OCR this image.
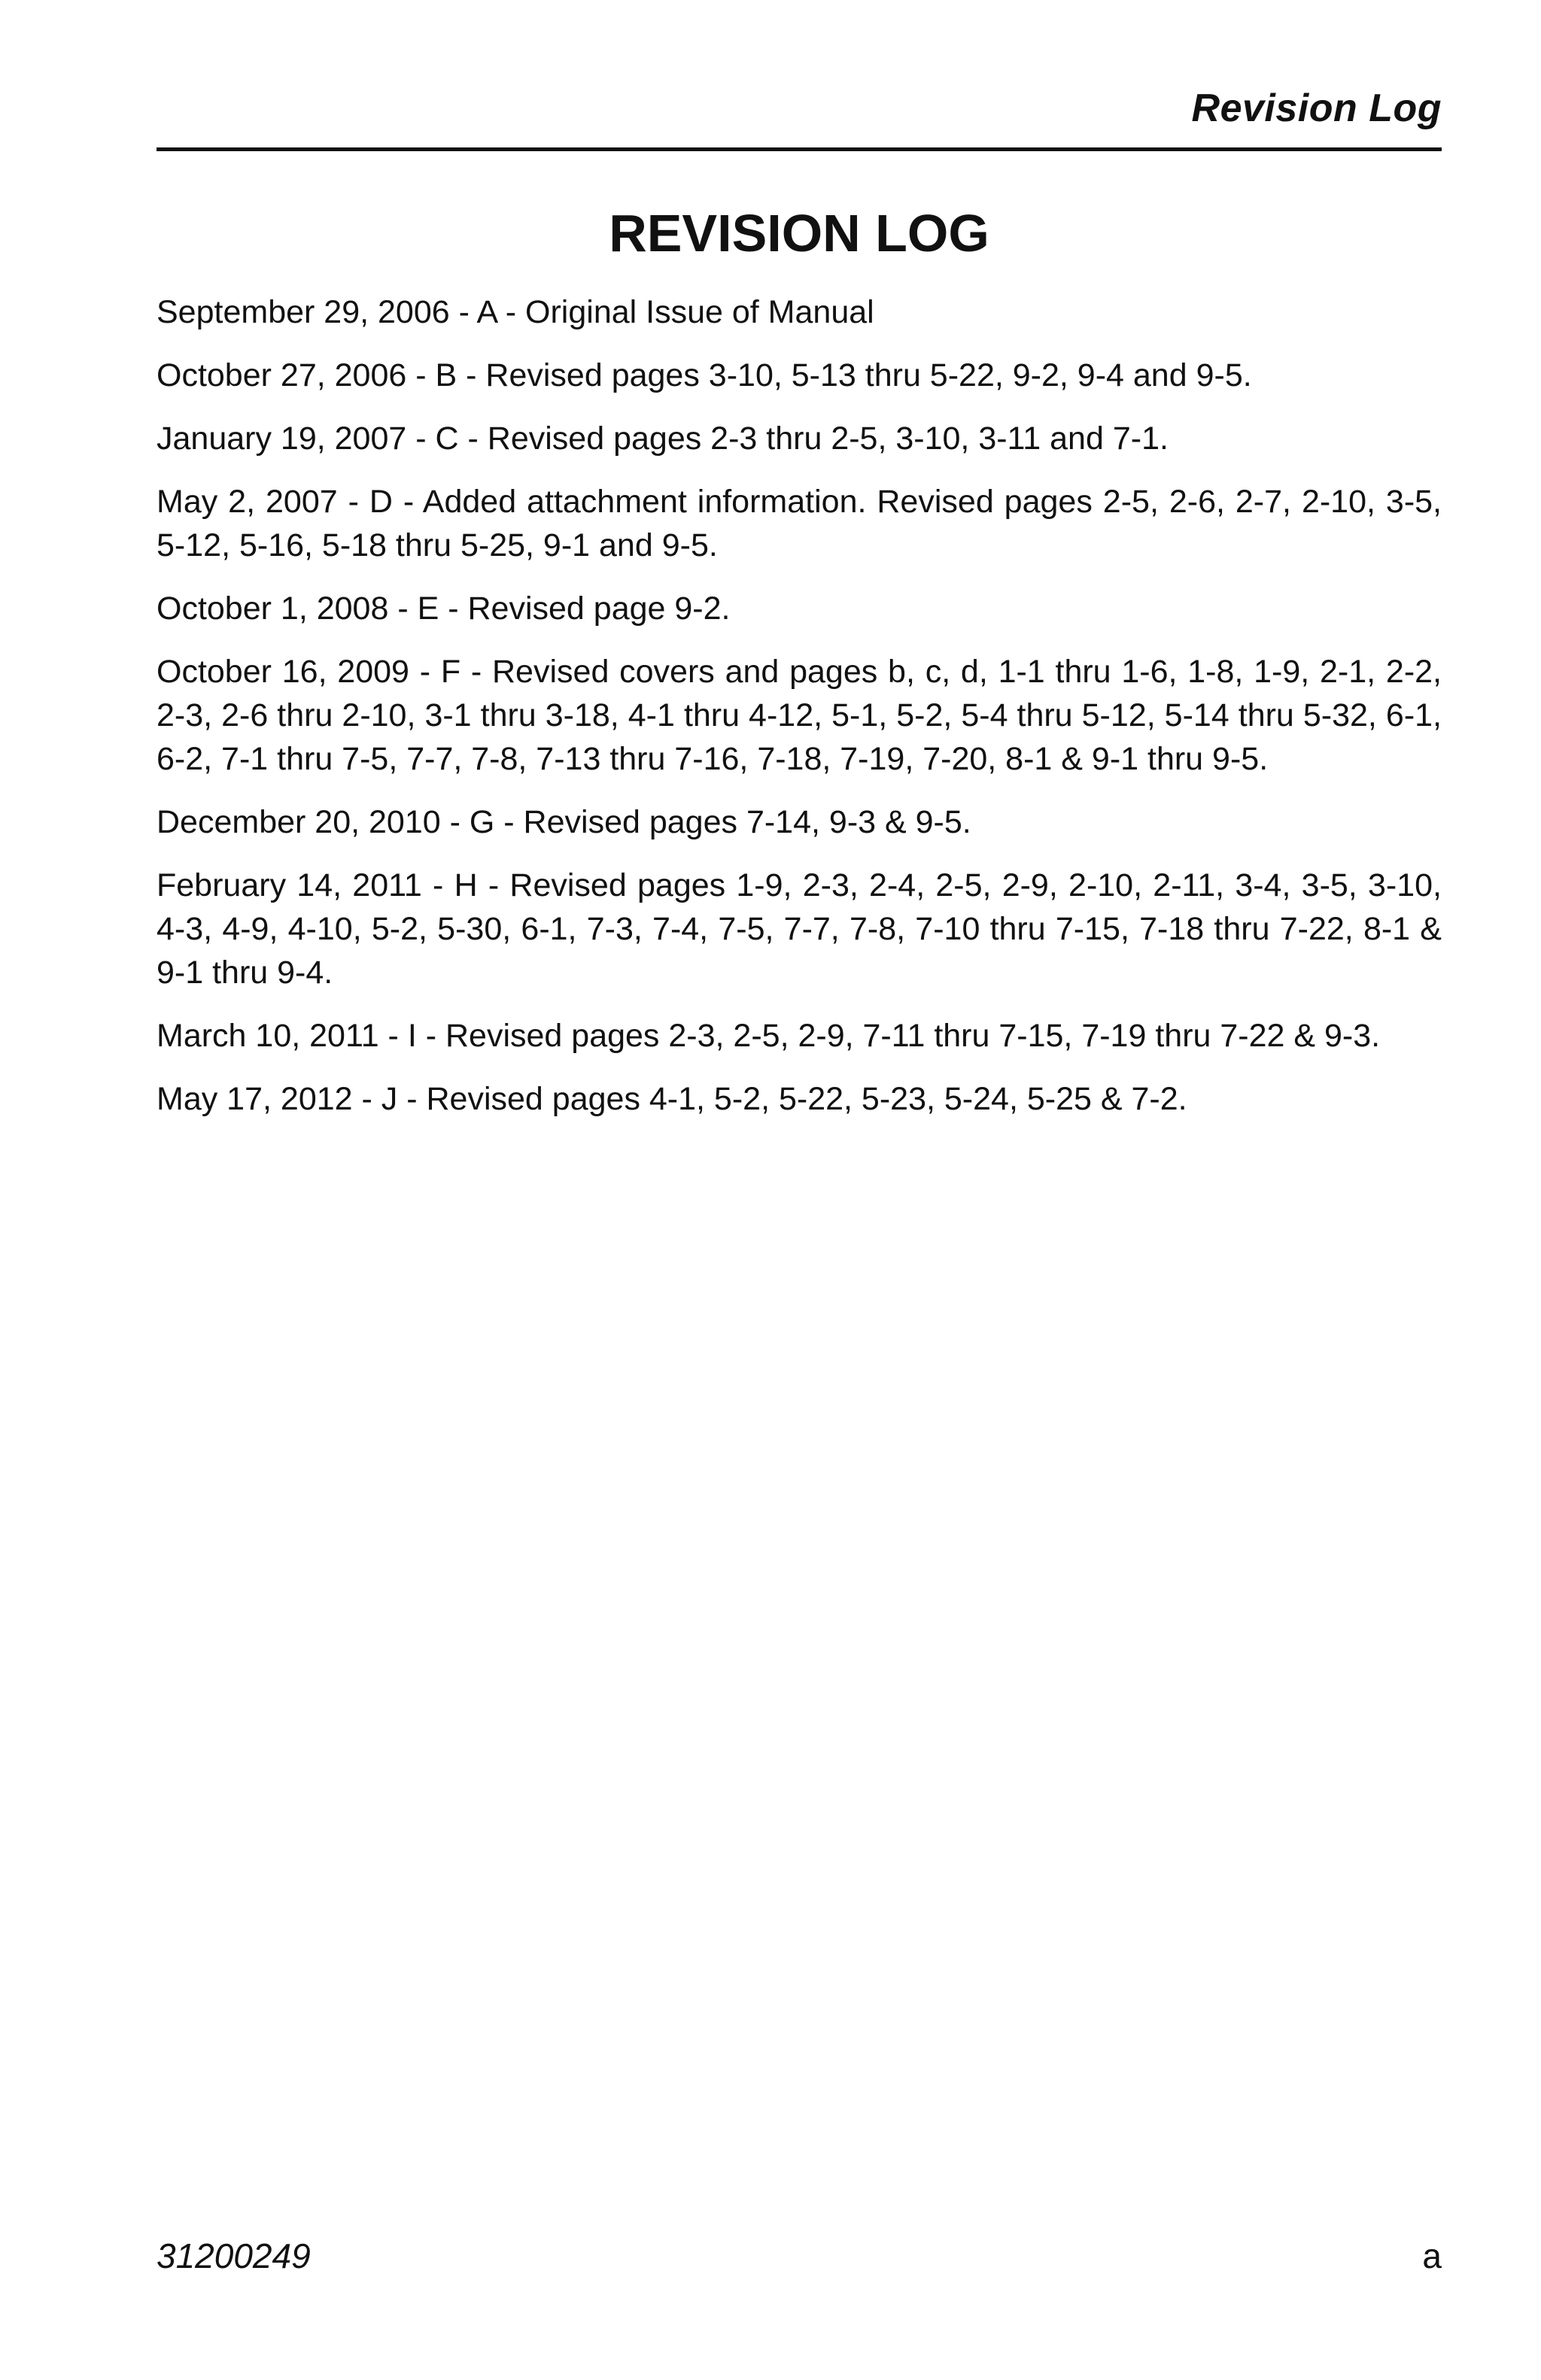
Revision Log
REVISION LOG

September 29, 2006 - A - Original Issue of Manual

October 27, 2006 - B - Revised pages 3-10, 5-13 thru 5-22, 9-2, 9-4 and 9-5.

January 19, 2007 - C - Revised pages 2-3 thru 2-5, 3-10, 3-11 and 7-1.

May 2, 2007 - D - Added attachment information. Revised pages 2-5, 2-6, 2-7, 2-10, 3-5, 5-12, 5-16, 5-18 thru 5-25, 9-1 and 9-5.

October 1, 2008 - E - Revised page 9-2.

October 16, 2009 - F - Revised covers and pages b, c, d, 1-1 thru 1-6, 1-8, 1-9, 2-1, 2-2, 2-3, 2-6 thru 2-10, 3-1 thru 3-18, 4-1 thru 4-12, 5-1, 5-2, 5-4 thru 5-12, 5-14 thru 5-32, 6-1, 6-2, 7-1 thru 7-5, 7-7, 7-8, 7-13 thru 7-16, 7-18, 7-19, 7-20, 8-1 & 9-1 thru 9-5.

December 20, 2010 - G - Revised pages 7-14, 9-3 & 9-5.

February 14, 2011 - H - Revised pages 1-9, 2-3, 2-4, 2-5, 2-9, 2-10, 2-11, 3-4, 3-5, 3-10, 4-3, 4-9, 4-10, 5-2, 5-30, 6-1, 7-3, 7-4, 7-5, 7-7, 7-8, 7-10 thru 7-15, 7-18 thru 7-22, 8-1 & 9-1 thru 9-4.

March 10, 2011 - I - Revised pages 2-3, 2-5, 2-9, 7-11 thru 7-15, 7-19 thru 7-22 & 9-3.

May 17, 2012 - J - Revised pages 4-1, 5-2, 5-22, 5-23, 5-24, 5-25 & 7-2.

31200249	a
